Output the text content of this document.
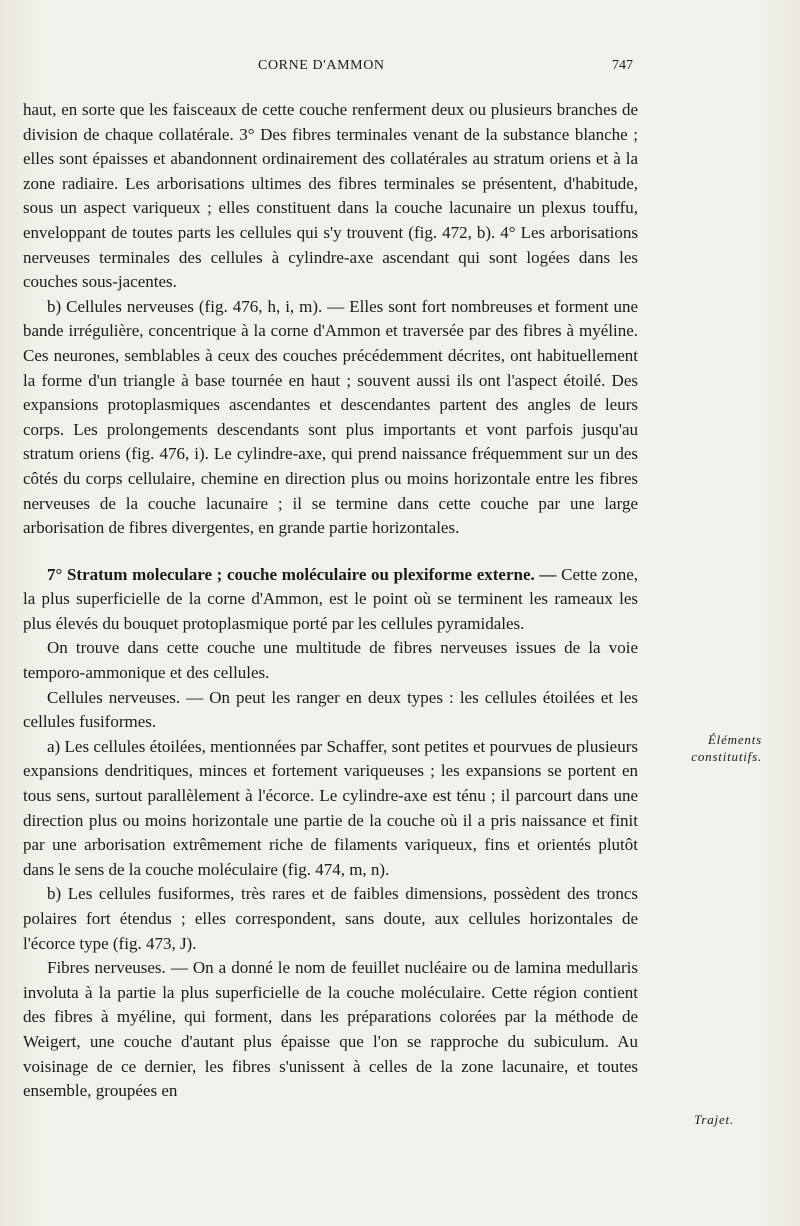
CORNE D'AMMON	747

haut, en sorte que les faisceaux de cette couche renferment deux ou plusieurs branches de division de chaque collatérale. 3° Des fibres terminales venant de la substance blanche ; elles sont épaisses et abandonnent ordinairement des collatérales au stratum oriens et à la zone radiaire. Les arborisations ultimes des fibres terminales se présentent, d'habitude, sous un aspect variqueux ; elles constituent dans la couche lacunaire un plexus touffu, enveloppant de toutes parts les cellules qui s'y trouvent (fig. 472, b). 4° Les arborisations nerveuses terminales des cellules à cylindre-axe ascendant qui sont logées dans les couches sous-jacentes.

b) Cellules nerveuses (fig. 476, h, i, m). — Elles sont fort nombreuses et forment une bande irrégulière, concentrique à la corne d'Ammon et traversée par des fibres à myéline. Ces neurones, semblables à ceux des couches précédemment décrites, ont habituellement la forme d'un triangle à base tournée en haut ; souvent aussi ils ont l'aspect étoilé. Des expansions protoplasmiques ascendantes et descendantes partent des angles de leurs corps. Les prolongements descendants sont plus importants et vont parfois jusqu'au stratum oriens (fig. 476, i). Le cylindre-axe, qui prend naissance fréquemment sur un des côtés du corps cellulaire, chemine en direction plus ou moins horizontale entre les fibres nerveuses de la couche lacunaire ; il se termine dans cette couche par une large arborisation de fibres divergentes, en grande partie horizontales.

7° Stratum moleculare ; couche moléculaire ou plexiforme externe. — Cette zone, la plus superficielle de la corne d'Ammon, est le point où se terminent les rameaux les plus élevés du bouquet protoplasmique porté par les cellules pyramidales.

On trouve dans cette couche une multitude de fibres nerveuses issues de la voie temporo-ammonique et des cellules.

Cellules nerveuses. — On peut les ranger en deux types : les cellules étoilées et les cellules fusiformes.

a) Les cellules étoilées, mentionnées par Schaffer, sont petites et pourvues de plusieurs expansions dendritiques, minces et fortement variqueuses ; les expansions se portent en tous sens, surtout parallèlement à l'écorce. Le cylindre-axe est ténu ; il parcourt dans une direction plus ou moins horizontale une partie de la couche où il a pris naissance et finit par une arborisation extrêmement riche de filaments variqueux, fins et orientés plutôt dans le sens de la couche moléculaire (fig. 474, m, n).

b) Les cellules fusiformes, très rares et de faibles dimensions, possèdent des troncs polaires fort étendus ; elles correspondent, sans doute, aux cellules horizontales de l'écorce type (fig. 473, J).

Fibres nerveuses. — On a donné le nom de feuillet nucléaire ou de lamina medullaris involuta à la partie la plus superficielle de la couche moléculaire. Cette région contient des fibres à myéline, qui forment, dans les préparations colorées par la méthode de Weigert, une couche d'autant plus épaisse que l'on se rapproche du subiculum. Au voisinage de ce dernier, les fibres s'unissent à celles de la zone lacunaire, et toutes ensemble, groupées en

Éléments
constitutifs.
Trajet.
